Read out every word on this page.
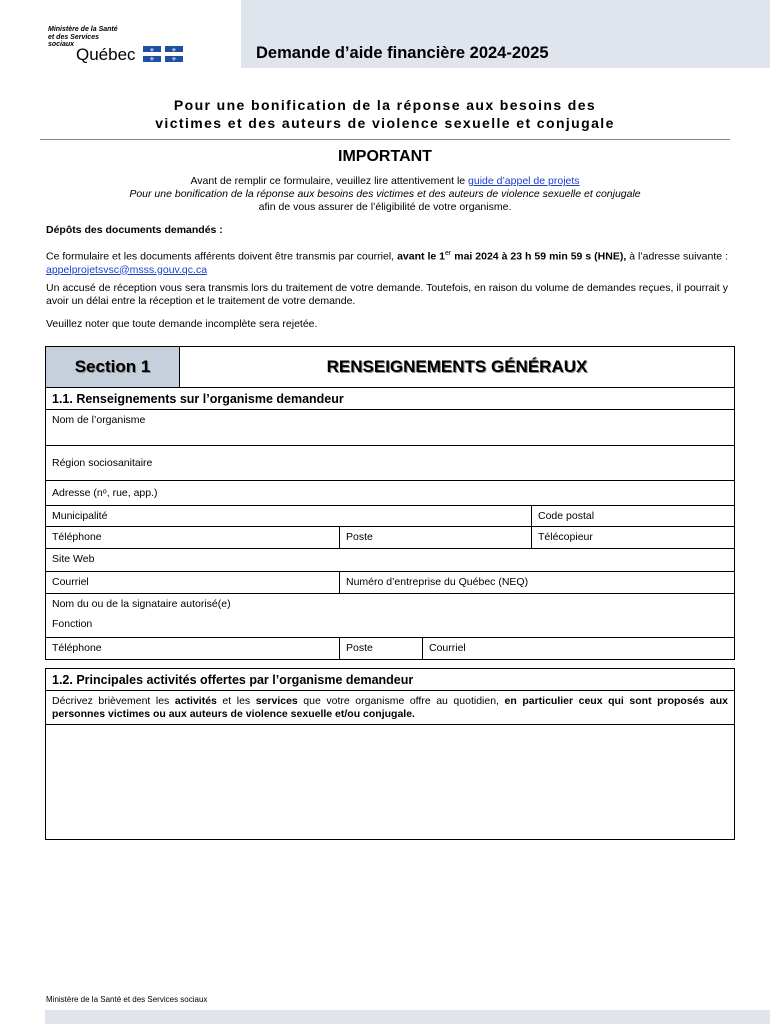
Ministère de la Santé
et des Services
sociaux
Québec ⚜	⚜
⚜	⚜	Demande d’aide financière 2024-2025
Pour une bonification de la réponse aux besoins des
victimes et des auteurs de violence sexuelle et conjugale
IMPORTANT
Avant de remplir ce formulaire, veuillez lire attentivement le guide d’appel de projets
Pour une bonification de la réponse aux besoins des victimes et des auteurs de violence sexuelle et conjugale
afin de vous assurer de l’éligibilité de votre organisme.
Dépôts des documents demandés :
Ce formulaire et les documents afférents doivent être transmis par courriel, avant le 1er mai 2024 à 23 h 59 min 59 s (HNE), à l’adresse suivante : appelprojetsvsc@msss.gouv.qc.ca
Un accusé de réception vous sera transmis lors du traitement de votre demande. Toutefois, en raison du volume de demandes reçues, il pourrait y avoir un délai entre la réception et le traitement de votre demande.
Veuillez noter que toute demande incomplète sera rejetée.
Section 1	RENSEIGNEMENTS GÉNÉRAUX
1.1. Renseignements sur l’organisme demandeur
Nom de l’organisme
Région sociosanitaire
Adresse (nᵒ, rue, app.)
Municipalité	Code postal
Téléphone	Poste	Télécopieur
Site Web
Courriel	Numéro d’entreprise du Québec (NEQ)
Nom du ou de la signataire autorisé(e)
Fonction
Téléphone	Poste	Courriel
1.2. Principales activités offertes par l’organisme demandeur
Décrivez brièvement les activités et les services que votre organisme offre au quotidien, en particulier ceux qui sont proposés aux personnes victimes ou aux auteurs de violence sexuelle et/ou conjugale.
Ministère de la Santé et des Services sociaux
